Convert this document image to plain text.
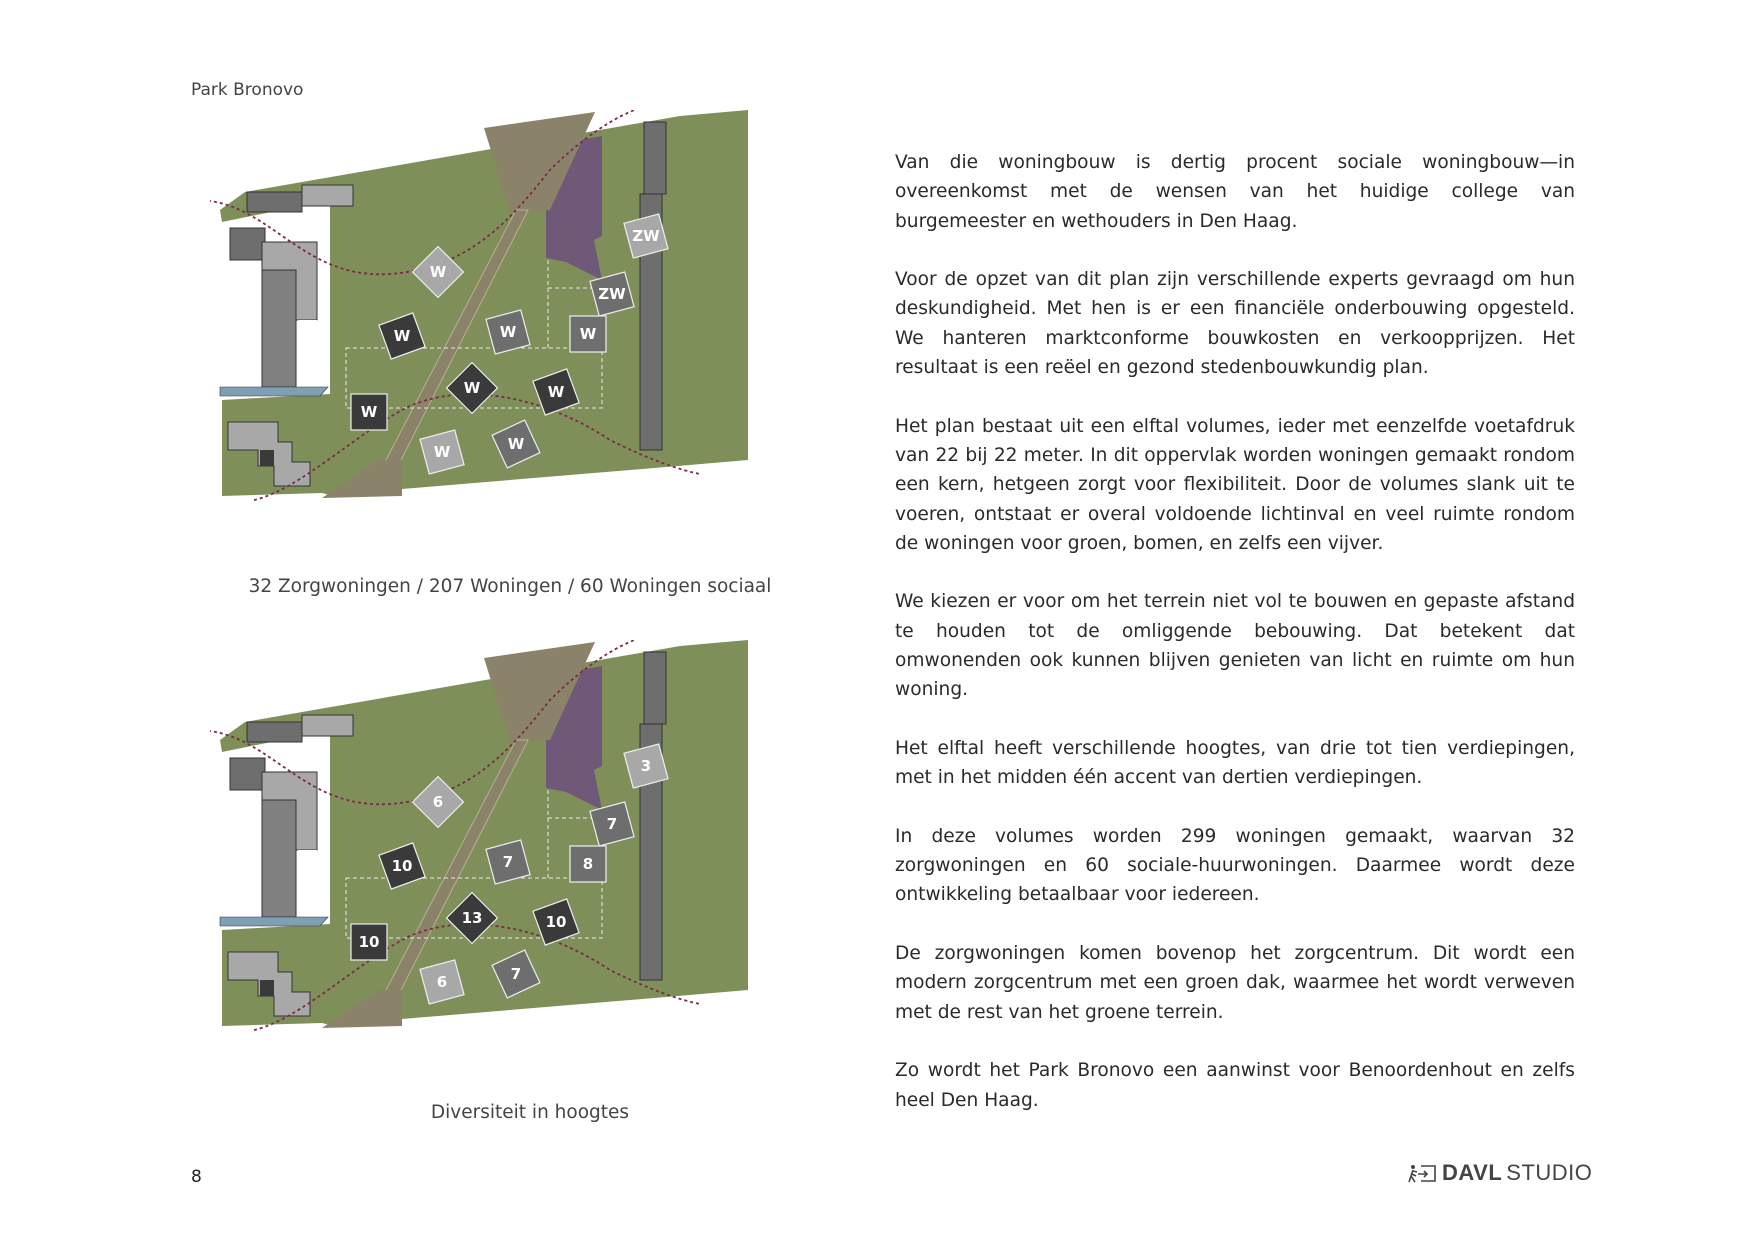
Park Bronovo
ZW
ZW
W
W	W	W
W	W
W
W	W
32 Zorgwoningen / 207 Woningen / 60 Woningen sociaal
3
7
6
10	7	8
13	10
10
6	7
Diversiteit in hoogtes

Van die woningbouw is dertig procent sociale woningbouw—in overeenkomst met de wensen van het huidige college van burgemeester en wethouders in Den Haag.

Voor de opzet van dit plan zijn verschillende experts gevraagd om hun deskundigheid. Met hen is er een financiële onderbouwing opgesteld. We hanteren marktconforme bouwkosten en verkoopprijzen. Het resultaat is een reëel en gezond stedenbouwkundig plan.

Het plan bestaat uit een elftal volumes, ieder met eenzelfde voetafdruk van 22 bij 22 meter. In dit oppervlak worden woningen gemaakt rondom een kern, hetgeen zorgt voor flexibiliteit. Door de volumes slank uit te voeren, ontstaat er overal voldoende lichtinval en veel ruimte rondom de woningen voor groen, bomen, en zelfs een vijver.

We kiezen er voor om het terrein niet vol te bouwen en gepaste afstand te houden tot de omliggende bebouwing. Dat betekent dat omwonenden ook kunnen blijven genieten van licht en ruimte om hun woning.

Het elftal heeft verschillende hoogtes, van drie tot tien verdiepingen, met in het midden één accent van dertien verdiepingen.

In deze volumes worden 299 woningen gemaakt, waarvan 32 zorgwoningen en 60 sociale-huurwoningen. Daarmee wordt deze ontwikkeling betaalbaar voor iedereen.

De zorgwoningen komen bovenop het zorgcentrum. Dit wordt een modern zorgcentrum met een groen dak, waarmee het wordt verweven met de rest van het groene terrein.

Zo wordt het Park Bronovo een aanwinst voor Benoordenhout en zelfs heel Den Haag.

8	DAVL STUDIO
